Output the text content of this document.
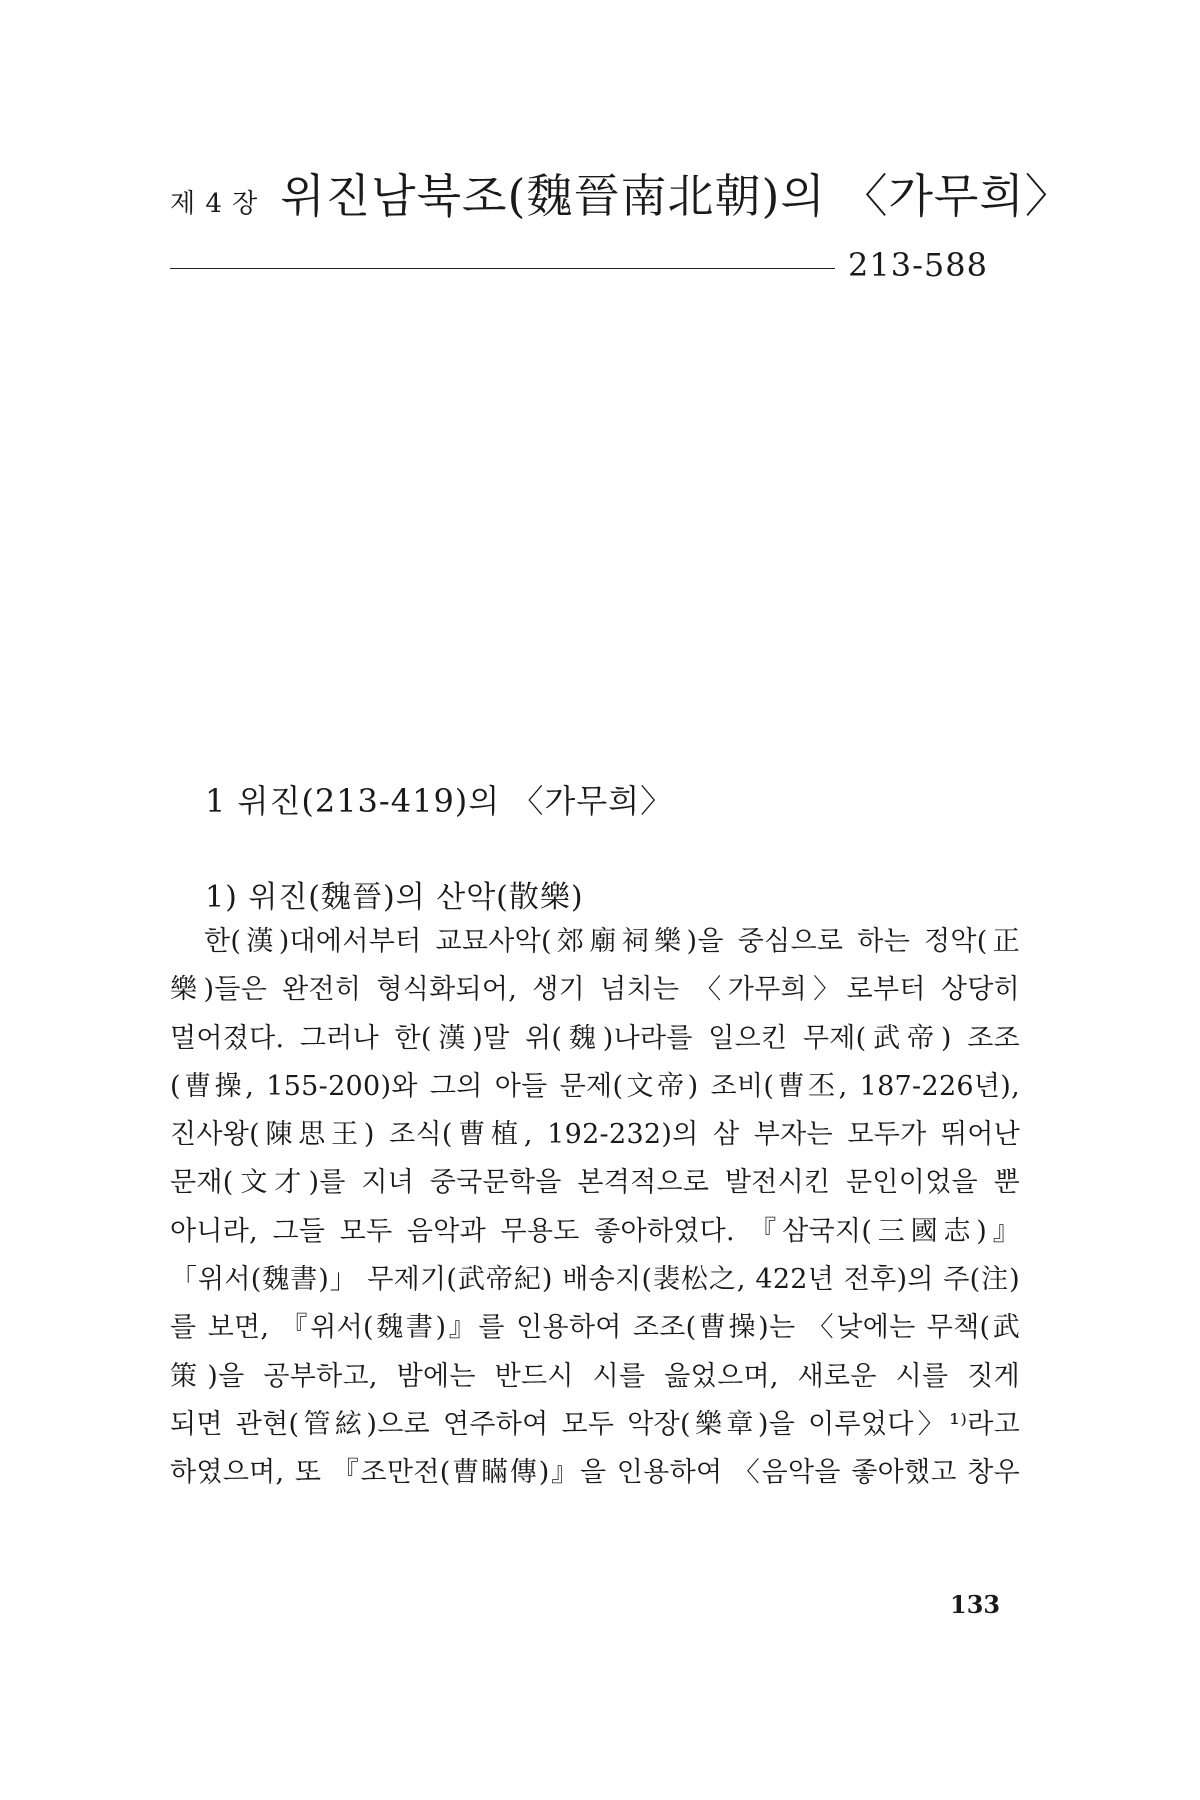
제 4 장 위진남북조(魏晉南北朝)의 〈가무희〉
213-588
1 위진(213-419)의 〈가무희〉
1) 위진(魏晉)의 산악(散樂)
한(漢)대에서부터 교묘사악(郊廟祠樂)을 중심으로 하는 정악(正
樂)들은 완전히 형식화되어, 생기 넘치는 〈가무희〉로부터 상당히
멀어졌다. 그러나 한(漢)말 위(魏)나라를 일으킨 무제(武帝) 조조
(曹操, 155-200)와 그의 아들 문제(文帝) 조비(曹丕, 187-226년),
진사왕(陳思王) 조식(曹植, 192-232)의 삼 부자는 모두가 뛰어난
문재(文才)를 지녀 중국문학을 본격적으로 발전시킨 문인이었을 뿐
아니라, 그들 모두 음악과 무용도 좋아하였다. 『삼국지(三國志)』
「위서(魏書)」 무제기(武帝紀) 배송지(裴松之, 422년 전후)의 주(注)
를 보면, 『위서(魏書)』를 인용하여 조조(曹操)는 〈낮에는 무책(武
策)을 공부하고, 밤에는 반드시 시를 읊었으며, 새로운 시를 짓게
되면 관현(管絃)으로 연주하여 모두 악장(樂章)을 이루었다〉¹⁾라고
하였으며, 또 『조만전(曹瞞傳)』을 인용하여 〈음악을 좋아했고 창우
133
